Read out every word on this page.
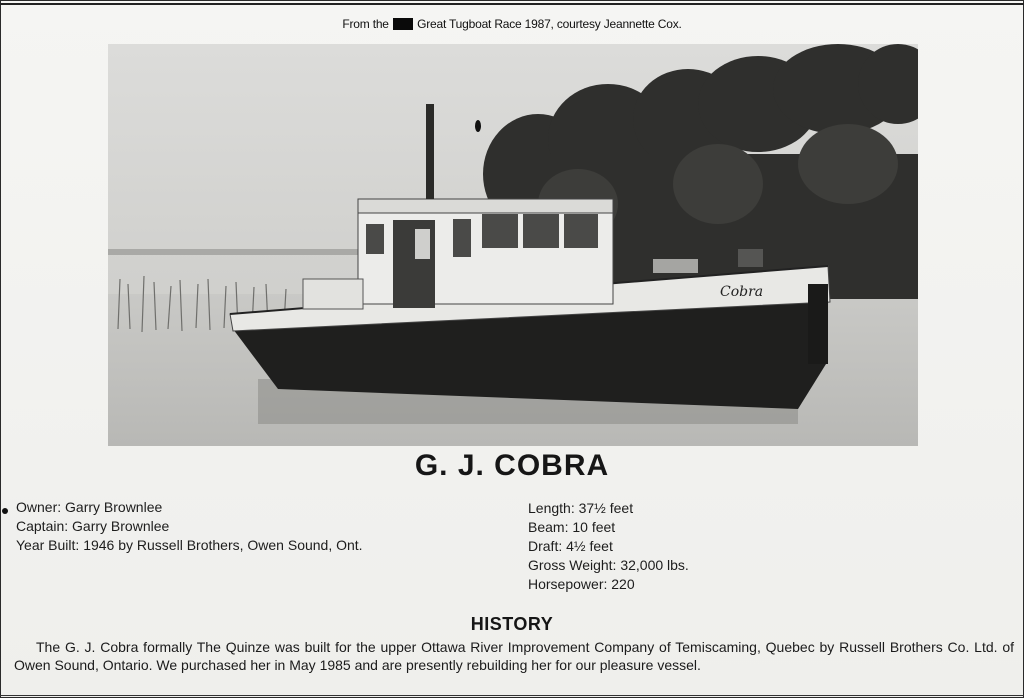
From the Great Tugboat Race 1987, courtesy Jeannette Cox.
Cobra
G. J. COBRA
Owner: Garry Brownlee
Captain: Garry Brownlee
Year Built: 1946 by Russell Brothers, Owen Sound, Ont.
Length: 37½ feet
Beam: 10 feet
Draft: 4½ feet
Gross Weight: 32,000 lbs.
Horsepower: 220
HISTORY
The G. J. Cobra formally The Quinze was built for the upper Ottawa River Improvement Company of Temiscaming, Quebec by Russell Brothers Co. Ltd. of Owen Sound, Ontario. We purchased her in May 1985 and are presently rebuilding her for our pleasure vessel.
